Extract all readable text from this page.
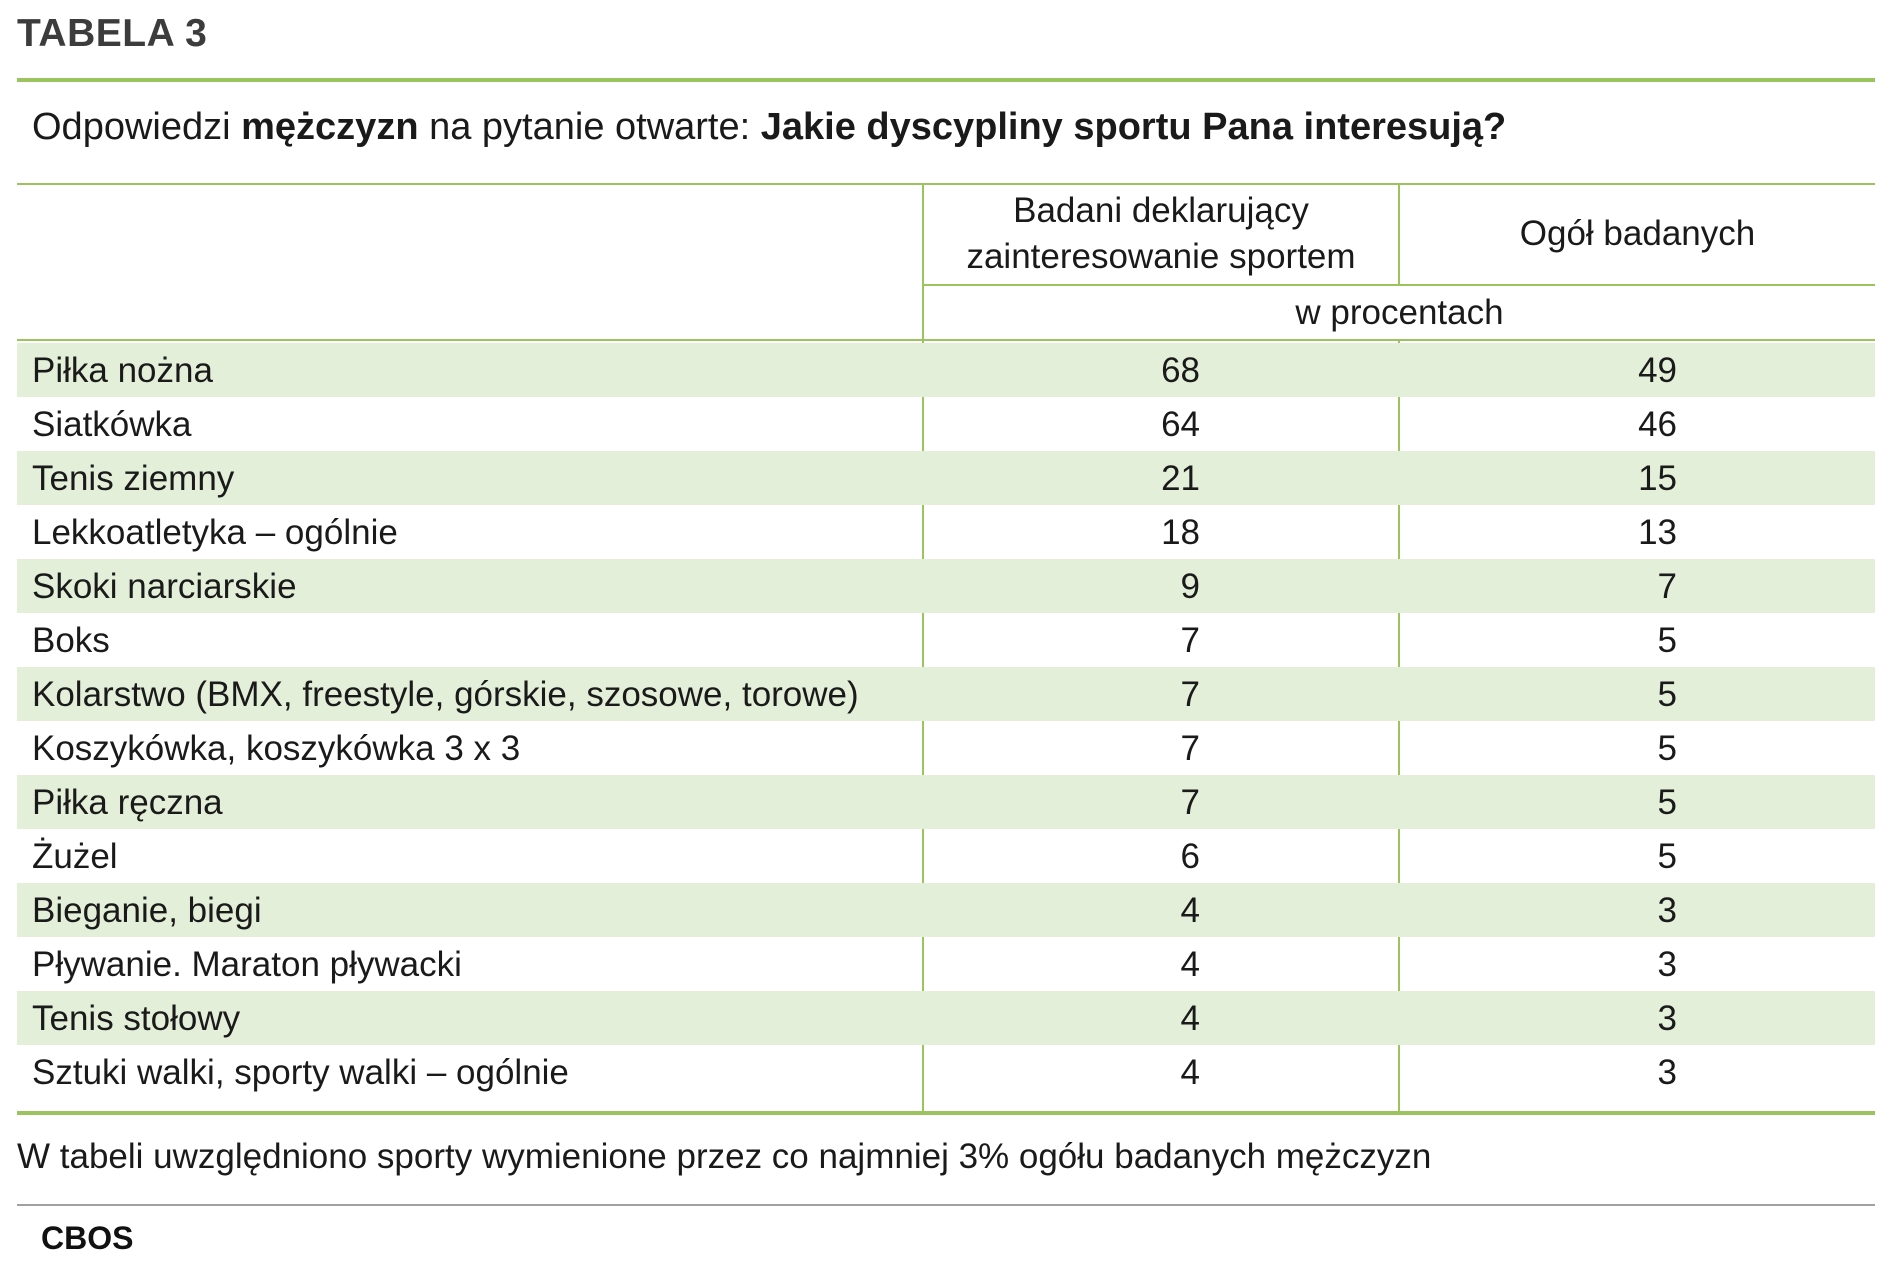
TABELA 3
Odpowiedzi mężczyzn na pytanie otwarte: Jakie dyscypliny sportu Pana interesują?
Badani deklarujący
zainteresowanie sportem
Ogół badanych
w procentach
Piłka nożna	68	49
Siatkówka	64	46
Tenis ziemny	21	15
Lekkoatletyka – ogólnie	18	13
Skoki narciarskie	9	7
Boks	7	5
Kolarstwo (BMX, freestyle, górskie, szosowe, torowe)	7	5
Koszykówka, koszykówka 3 x 3	7	5
Piłka ręczna	7	5
Żużel	6	5
Bieganie, biegi	4	3
Pływanie. Maraton pływacki	4	3
Tenis stołowy	4	3
Sztuki walki, sporty walki – ogólnie	4	3
W tabeli uwzględniono sporty wymienione przez co najmniej 3% ogółu badanych mężczyzn
CBOS
